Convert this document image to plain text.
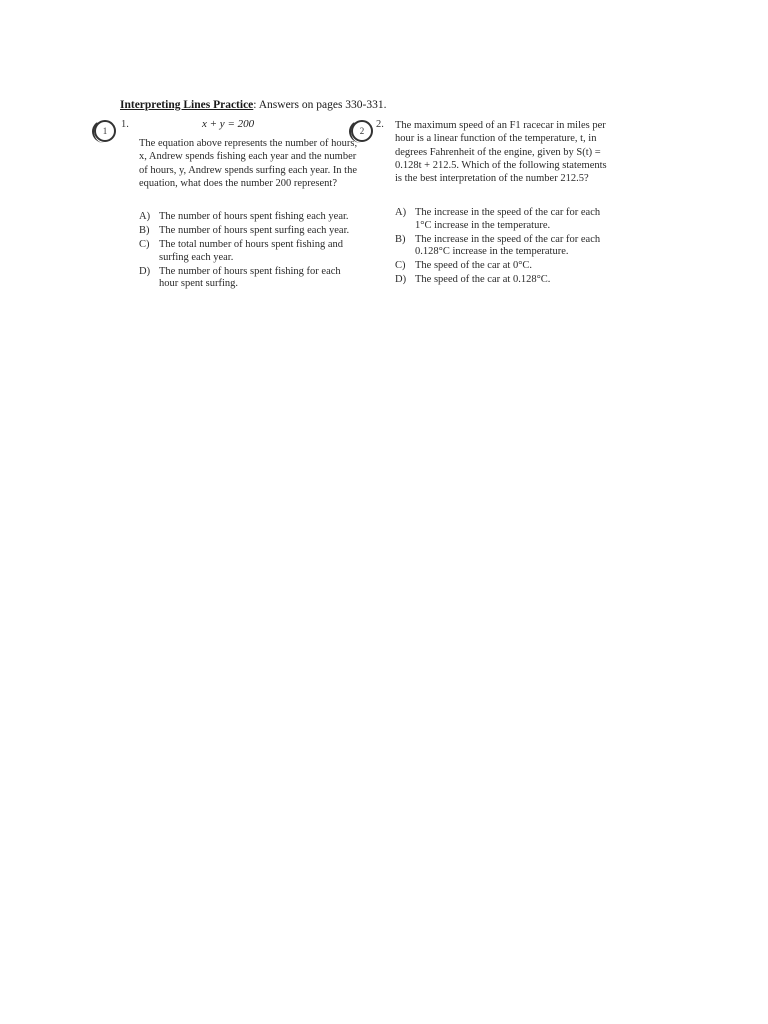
Interpreting Lines Practice: Answers on pages 330-331.
1
1.	x + y = 200
The equation above represents the number of hours, x, Andrew spends fishing each year and the number of hours, y, Andrew spends surfing each year. In the equation, what does the number 200 represent?
A) The number of hours spent fishing each year.
B) The number of hours spent surfing each year.
C) The total number of hours spent fishing and surfing each year.
D) The number of hours spent fishing for each hour spent surfing.
2
2. The maximum speed of an F1 racecar in miles per hour is a linear function of the temperature, t, in degrees Fahrenheit of the engine, given by S(t) = 0.128t + 212.5. Which of the following statements is the best interpretation of the number 212.5?
A) The increase in the speed of the car for each 1°C increase in the temperature.
B) The increase in the speed of the car for each 0.128°C increase in the temperature.
C) The speed of the car at 0°C.
D) The speed of the car at 0.128°C.
